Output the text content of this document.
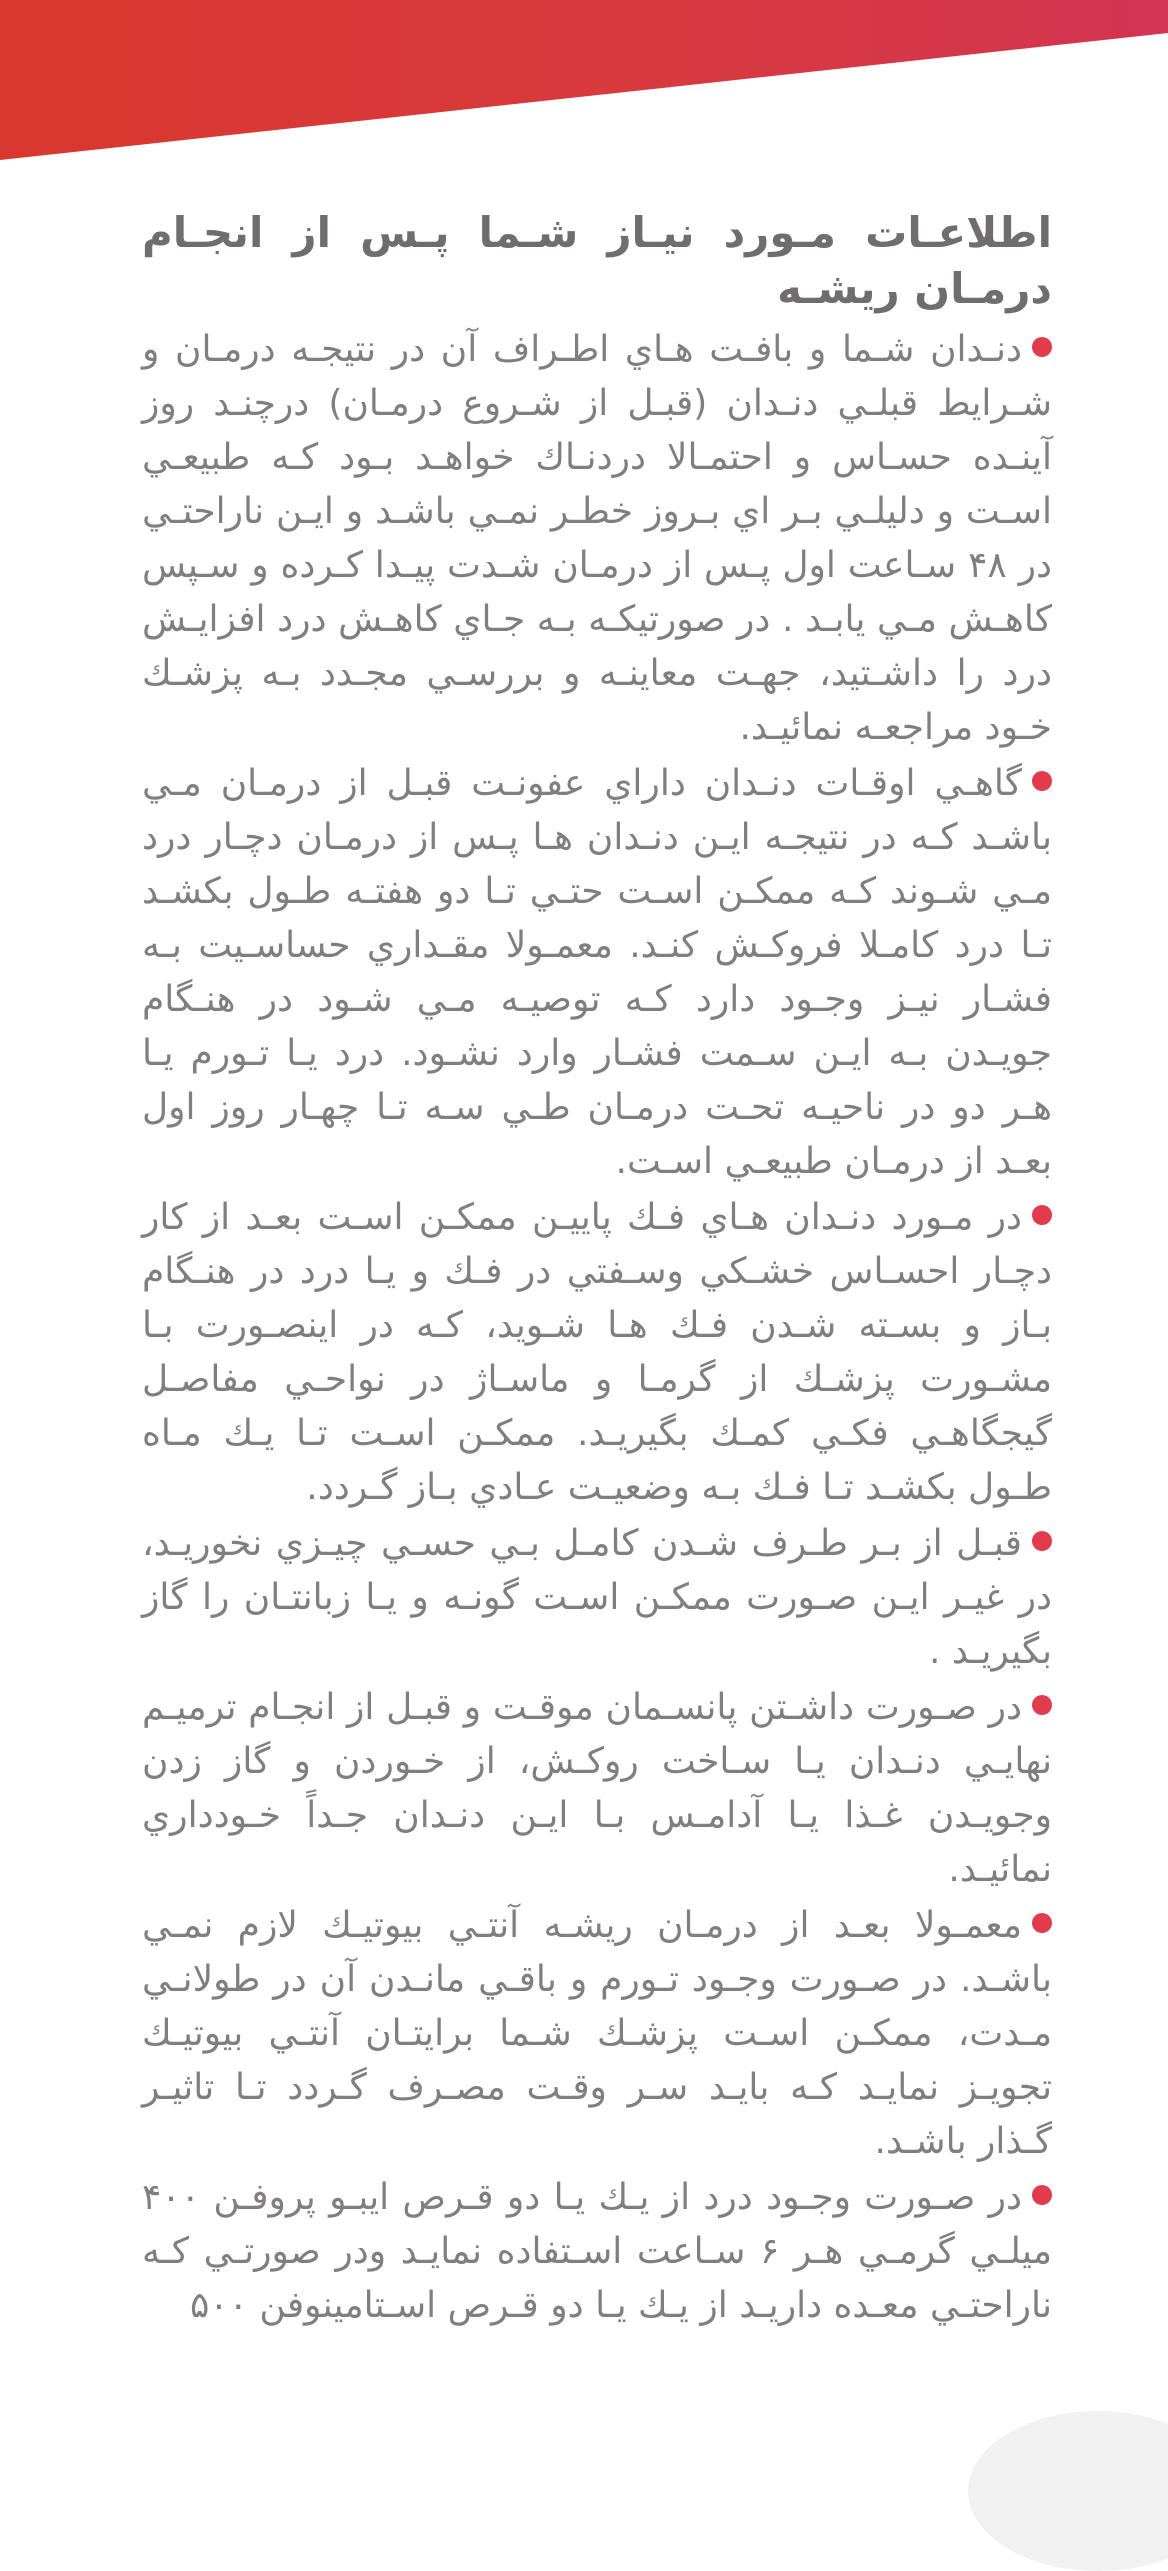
اطلاعـات مـورد نيـاز شـما پـس از انجـام درمـان ريشـه

دنـدان شـما و بافـت هـاي اطـراف آن در نتيجـه درمـان و شـرايط قبلـي دنـدان (قبـل از شـروع درمـان) درچنـد روز آينـده حسـاس و احتمـالا دردنـاك خواهـد بـود كـه طبيعـي اسـت و دليلـي بـر اي بـروز خطـر نمـي باشـد و ايـن ناراحتـي در ۴۸ سـاعت اول پـس از درمـان شـدت پيـدا كـرده و سـپس كاهـش مـي يابـد . در صورتيكـه بـه جـاي كاهـش درد افزايـش درد را داشـتيد، جهـت معاينـه و بررسـي مجـدد بـه پزشـك خـود مراجعـه نمائيـد.

گاهـي اوقـات دنـدان داراي عفونـت قبـل از درمـان مـي باشـد كـه در نتيجـه ايـن دنـدان هـا پـس از درمـان دچـار درد مـي شـوند كـه ممكـن اسـت حتـي تـا دو هفتـه طـول بكشـد تـا درد كامـلا فروكـش كنـد. معمـولا مقـداري حساسـيت بـه فشـار نيـز وجـود دارد كـه توصيـه مـي شـود در هنـگام جويـدن بـه ايـن سـمت فشـار وارد نشـود. درد يـا تـورم يـا هـر دو در ناحيـه تحـت درمـان طـي سـه تـا چهـار روز اول بعـد از درمـان طبيعـي اسـت.

در مـورد دنـدان هـاي فـك پاييـن ممكـن اسـت بعـد از كار دچـار احسـاس خشـكي وسـفتي در فـك و يـا درد در هنـگام بـاز و بسـته شـدن فـك هـا شـويد، كـه در اينصـورت بـا مشـورت پزشـك از گرمـا و ماسـاژ در نواحـي مفاصـل گيجگاهـي فكـي كمـك بگيريـد. ممكـن اسـت تـا يـك مـاه طـول بكشـد تـا فـك بـه وضعيـت عـادي بـاز گـردد.

قبـل از بـر طـرف شـدن كامـل بـي حسـي چيـزي نخوريـد، در غيـر ايـن صـورت ممكـن اسـت گونـه و يـا زبانتـان را گاز بگيريـد .

در صـورت داشـتن پانسـمان موقـت و قبـل از انجـام ترميـم نهايـي دنـدان يـا سـاخت روكـش، از خـوردن و گاز زدن وجويـدن غـذا يـا آدامـس بـا ايـن دنـدان جـداً خـودداري نمائيـد.

معمـولا بعـد از درمـان ريشـه آنتـي بيوتيـك لازم نمـي باشـد. در صـورت وجـود تـورم و باقـي مانـدن آن در طولانـي مـدت، ممكـن اسـت پزشـك شـما برايتـان آنتـي بيوتيـك تجويـز نمايـد كـه بايـد سـر وقـت مصـرف گـردد تـا تاثيـر گـذار باشـد.

در صـورت وجـود درد از يـك يـا دو قـرص ايبـو پروفـن ۴۰۰ ميلـي گرمـي هـر ۶ سـاعت اسـتفاده نمايـد ودر صورتـي كـه ناراحتـي معـده داريـد از يـك يـا دو قـرص اسـتامينوفن ۵۰۰
